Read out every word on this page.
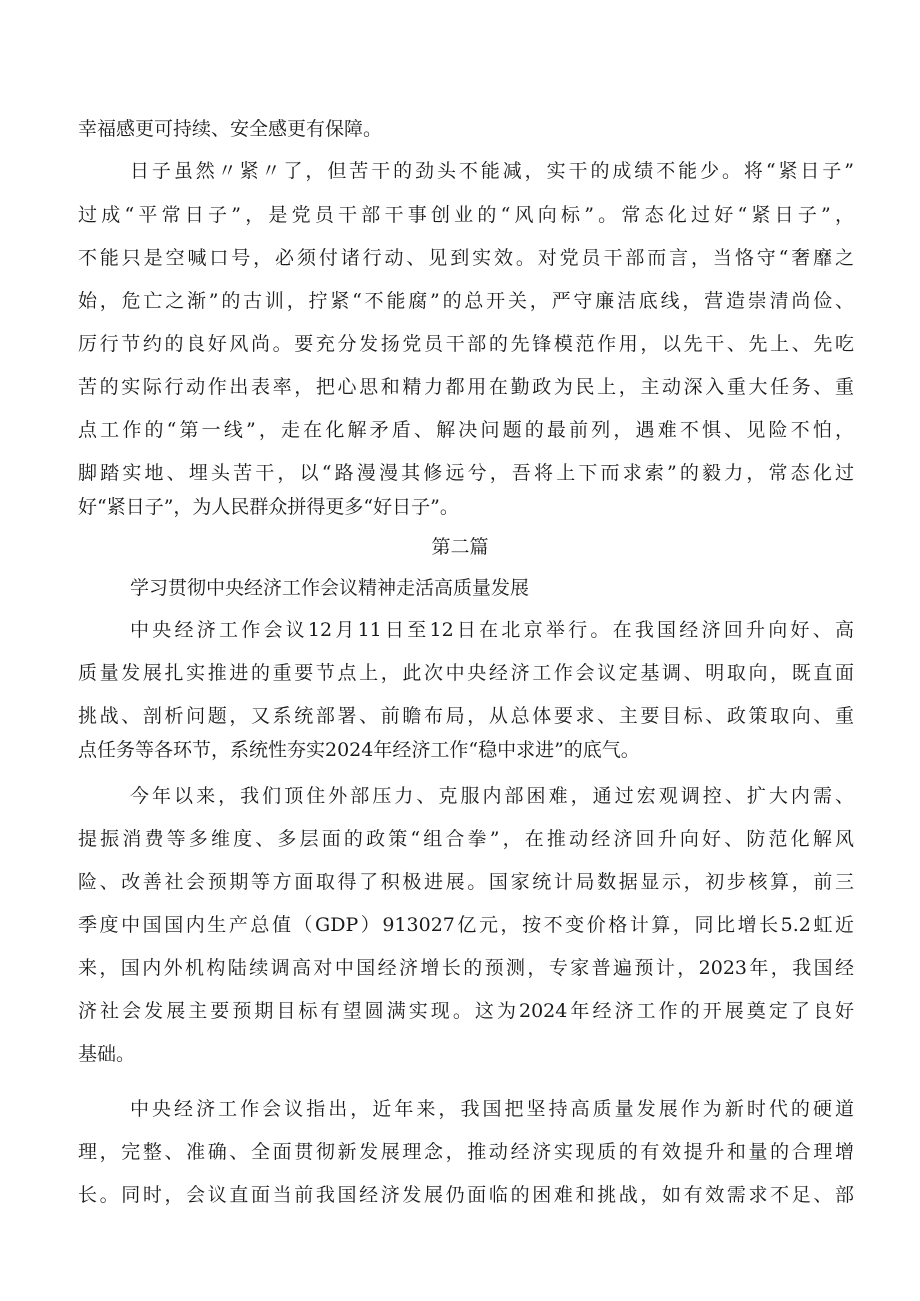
幸福感更可持续、安全感更有保障。
日子虽然〃紧〃了，但苦干的劲头不能减，实干的成绩不能少。将“紧日子”
过成“平常日子”，是党员干部干事创业的“风向标”。常态化过好“紧日子”，
不能只是空喊口号，必须付诸行动、见到实效。对党员干部而言，当恪守“奢靡之
始，危亡之渐”的古训，拧紧“不能腐”的总开关，严守廉洁底线，营造崇清尚俭、
厉行节约的良好风尚。要充分发扬党员干部的先锋模范作用，以先干、先上、先吃
苦的实际行动作出表率，把心思和精力都用在勤政为民上，主动深入重大任务、重
点工作的“第一线”，走在化解矛盾、解决问题的最前列，遇难不惧、见险不怕，
脚踏实地、埋头苦干，以“路漫漫其修远兮，吾将上下而求索”的毅力，常态化过
好“紧日子”，为人民群众拼得更多“好日子”。
第二篇
学习贯彻中央经济工作会议精神走活高质量发展
中央经济工作会议12月11日至12日在北京举行。在我国经济回升向好、高
质量发展扎实推进的重要节点上，此次中央经济工作会议定基调、明取向，既直面
挑战、剖析问题，又系统部署、前瞻布局，从总体要求、主要目标、政策取向、重
点任务等各环节，系统性夯实2024年经济工作“稳中求进”的底气。
今年以来，我们顶住外部压力、克服内部困难，通过宏观调控、扩大内需、
提振消费等多维度、多层面的政策“组合拳”，在推动经济回升向好、防范化解风
险、改善社会预期等方面取得了积极进展。国家统计局数据显示，初步核算，前三
季度中国国内生产总值（GDP）913027亿元，按不变价格计算，同比增长5.2虹近
来，国内外机构陆续调高对中国经济增长的预测，专家普遍预计，2023年，我国经
济社会发展主要预期目标有望圆满实现。这为2024年经济工作的开展奠定了良好
基础。
中央经济工作会议指出，近年来，我国把坚持高质量发展作为新时代的硬道
理，完整、准确、全面贯彻新发展理念，推动经济实现质的有效提升和量的合理增
长。同时，会议直面当前我国经济发展仍面临的困难和挑战，如有效需求不足、部
